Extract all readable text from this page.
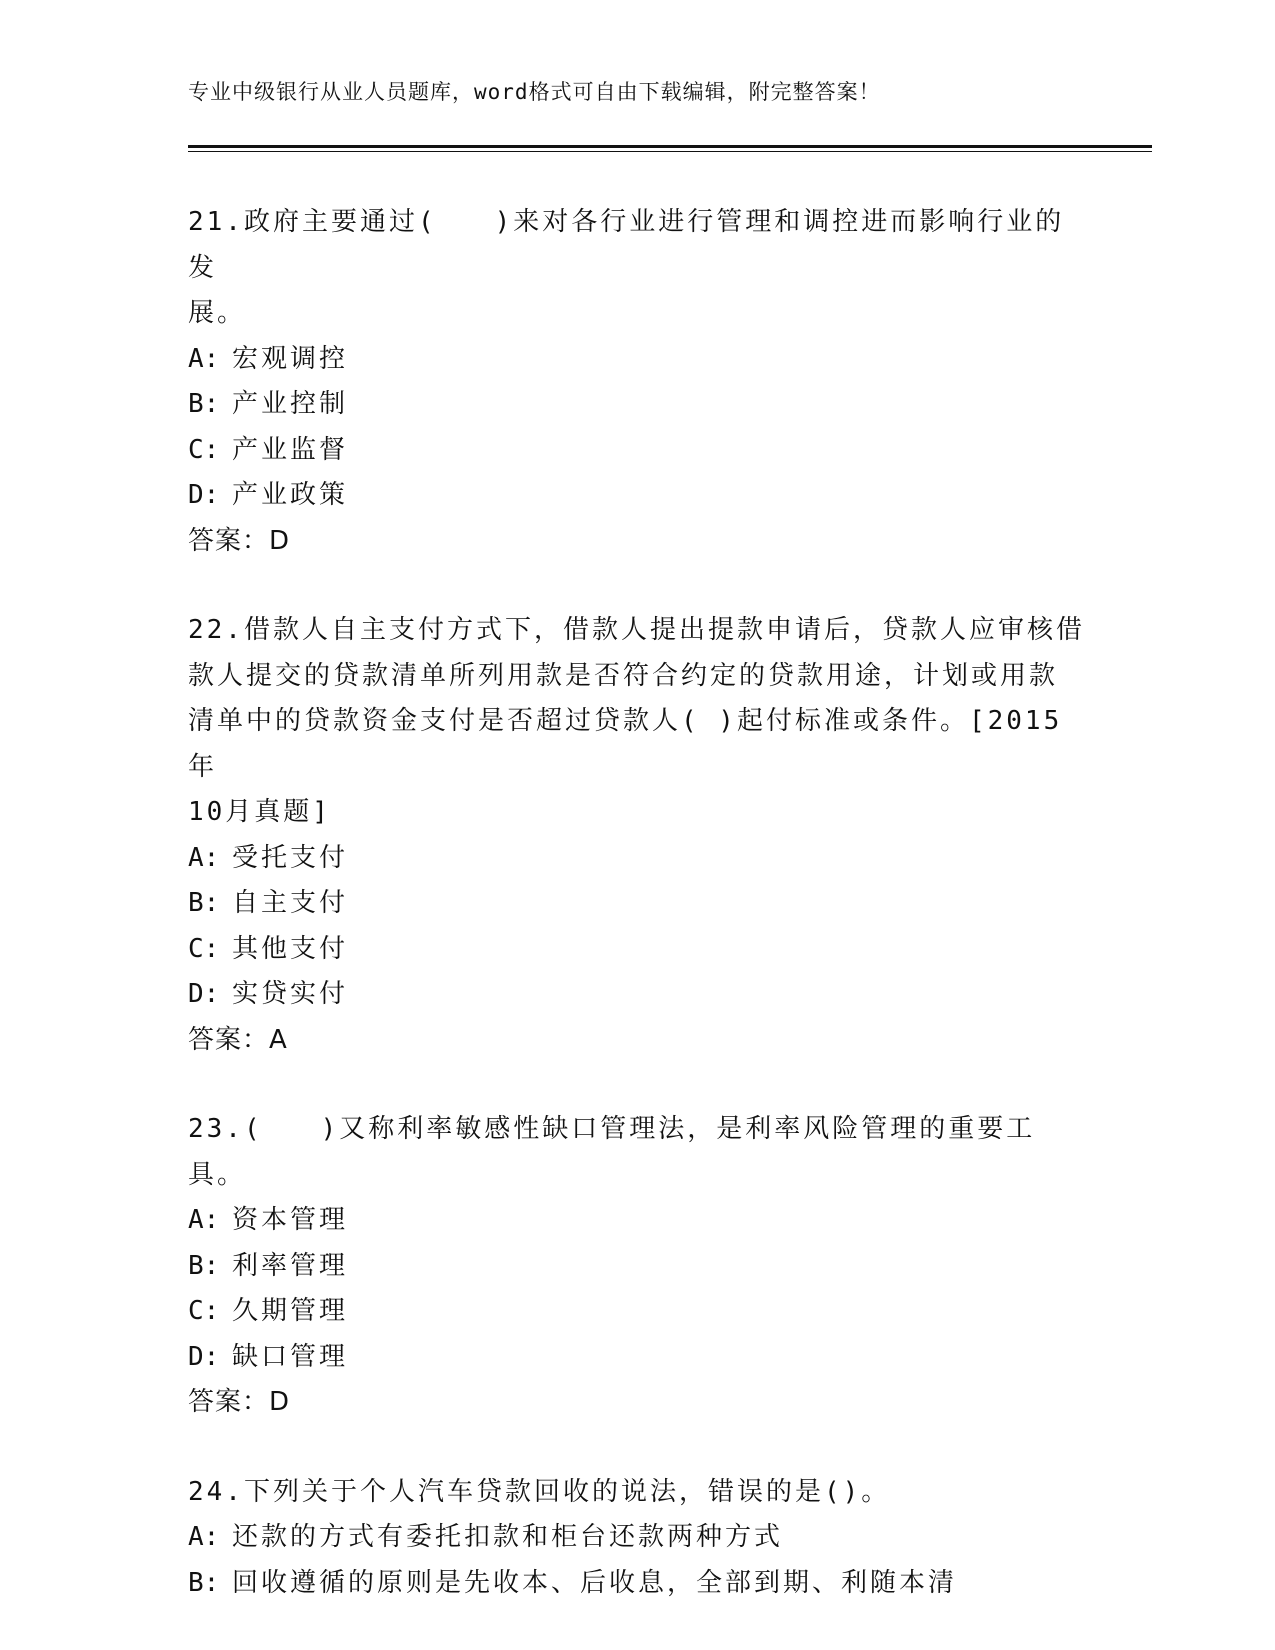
专业中级银行从业人员题库，word格式可自由下载编辑，附完整答案！

21.政府主要通过(　　)来对各行业进行管理和调控进而影响行业的发

展。

A: 宏观调控

B: 产业控制

C: 产业监督

D: 产业政策

答案：D

22.借款人自主支付方式下，借款人提出提款申请后，贷款人应审核借

款人提交的贷款清单所列用款是否符合约定的贷款用途，计划或用款

清单中的贷款资金支付是否超过贷款人( )起付标准或条件。[2015年

10月真题]

A: 受托支付

B: 自主支付

C: 其他支付

D: 实贷实付

答案：A

23.(　　)又称利率敏感性缺口管理法，是利率风险管理的重要工具。

A: 资本管理

B: 利率管理

C: 久期管理

D: 缺口管理

答案：D

24.下列关于个人汽车贷款回收的说法，错误的是()。

A: 还款的方式有委托扣款和柜台还款两种方式

B: 回收遵循的原则是先收本、后收息，全部到期、利随本清
